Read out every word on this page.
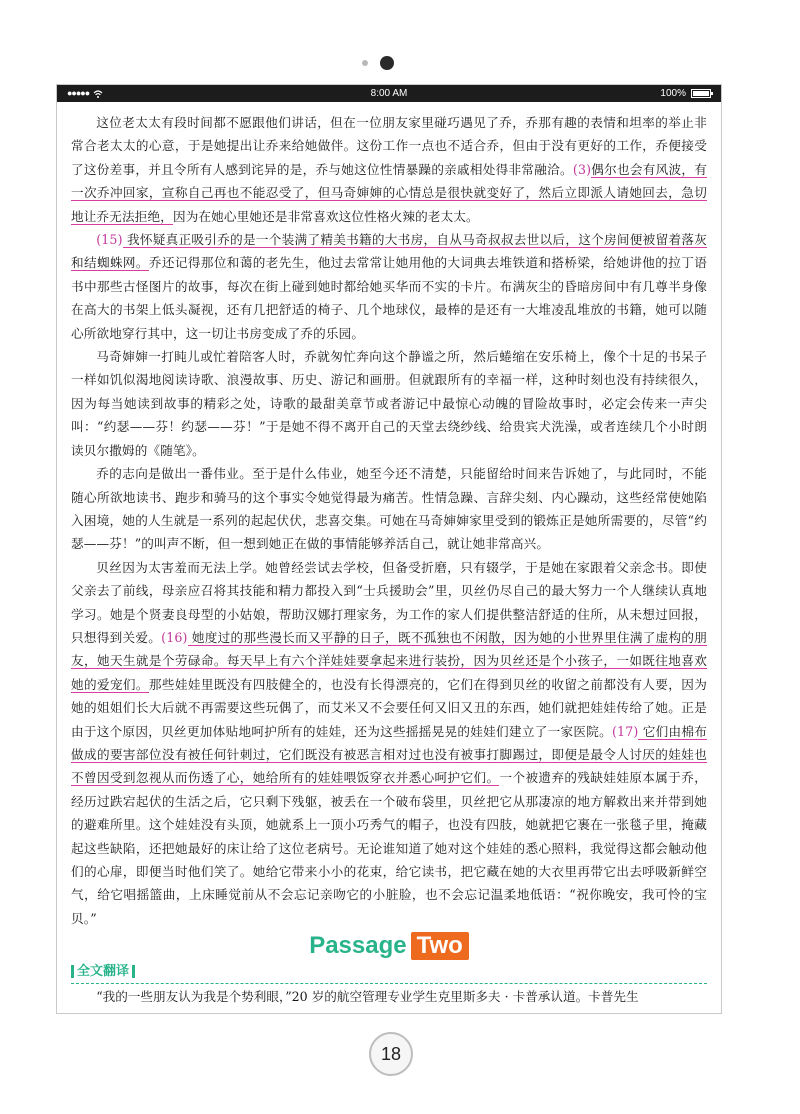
●●●●●	8:00 AM	100%

这位老太太有段时间都不愿跟他们讲话，但在一位朋友家里碰巧遇见了乔，乔那有趣的表情和坦率的举止非常合老太太的心意，于是她提出让乔来给她做伴。这份工作一点也不适合乔，但由于没有更好的工作，乔便接受了这份差事，并且令所有人感到诧异的是，乔与她这位性情暴躁的亲戚相处得非常融洽。(3)偶尔也会有风波，有一次乔冲回家，宣称自己再也不能忍受了，但马奇婶婶的心情总是很快就变好了，然后立即派人请她回去，急切地让乔无法拒绝，因为在她心里她还是非常喜欢这位性格火辣的老太太。

(15) 我怀疑真正吸引乔的是一个装满了精美书籍的大书房，自从马奇叔叔去世以后，这个房间便被留着落灰和结蜘蛛网。乔还记得那位和蔼的老先生，他过去常常让她用他的大词典去堆铁道和搭桥梁，给她讲他的拉丁语书中那些古怪图片的故事，每次在街上碰到她时都给她买华而不实的卡片。布满灰尘的昏暗房间中有几尊半身像在高大的书架上低头凝视，还有几把舒适的椅子、几个地球仪，最棒的是还有一大堆凌乱堆放的书籍，她可以随心所欲地穿行其中，这一切让书房变成了乔的乐园。

马奇婶婶一打盹儿或忙着陪客人时，乔就匆忙奔向这个静谧之所，然后蜷缩在安乐椅上，像个十足的书呆子一样如饥似渴地阅读诗歌、浪漫故事、历史、游记和画册。但就跟所有的幸福一样，这种时刻也没有持续很久，因为每当她读到故事的精彩之处，诗歌的最甜美章节或者游记中最惊心动魄的冒险故事时，必定会传来一声尖叫：“约瑟——芬！约瑟——芬！”于是她不得不离开自己的天堂去绕纱线、给贵宾犬洗澡，或者连续几个小时朗读贝尔撒姆的《随笔》。

乔的志向是做出一番伟业。至于是什么伟业，她至今还不清楚，只能留给时间来告诉她了，与此同时，不能随心所欲地读书、跑步和骑马的这个事实令她觉得最为痛苦。性情急躁、言辞尖刻、内心躁动，这些经常使她陷入困境，她的人生就是一系列的起起伏伏，悲喜交集。可她在马奇婶婶家里受到的锻炼正是她所需要的，尽管“约瑟——芬！”的叫声不断，但一想到她正在做的事情能够养活自己，就让她非常高兴。

贝丝因为太害羞而无法上学。她曾经尝试去学校，但备受折磨，只有辍学，于是她在家跟着父亲念书。即使父亲去了前线，母亲应召将其技能和精力都投入到“士兵援助会”里，贝丝仍尽自己的最大努力一个人继续认真地学习。她是个贤妻良母型的小姑娘，帮助汉娜打理家务，为工作的家人们提供整洁舒适的住所，从未想过回报，只想得到关爱。(16) 她度过的那些漫长而又平静的日子，既不孤独也不闲散，因为她的小世界里住满了虚构的朋友，她天生就是个劳碌命。每天早上有六个洋娃娃要拿起来进行装扮，因为贝丝还是个小孩子，一如既往地喜欢她的爱宠们。那些娃娃里既没有四肢健全的，也没有长得漂亮的，它们在得到贝丝的收留之前都没有人要，因为她的姐姐们长大后就不再需要这些玩偶了，而艾米又不会要任何又旧又丑的东西，她们就把娃娃传给了她。正是由于这个原因，贝丝更加体贴地呵护所有的娃娃，还为这些摇摇晃晃的娃娃们建立了一家医院。(17) 它们由棉布做成的要害部位没有被任何针刺过，它们既没有被恶言相对过也没有被事打脚踢过，即便是最令人讨厌的娃娃也不曾因受到忽视从而伤透了心，她给所有的娃娃喂饭穿衣并悉心呵护它们。一个被遗弃的残缺娃娃原本属于乔，经历过跌宕起伏的生活之后，它只剩下残躯，被丢在一个破布袋里，贝丝把它从那凄凉的地方解救出来并带到她的避难所里。这个娃娃没有头顶，她就系上一顶小巧秀气的帽子，也没有四肢，她就把它裹在一张毯子里，掩藏起这些缺陷，还把她最好的床让给了这位老病号。无论谁知道了她对这个娃娃的悉心照料，我觉得这都会触动他们的心扉，即便当时他们笑了。她给它带来小小的花束，给它读书，把它藏在她的大衣里再带它出去呼吸新鲜空气，给它唱摇篮曲，上床睡觉前从不会忘记亲吻它的小脏脸，也不会忘记温柔地低语：“祝你晚安，我可怜的宝贝。”

Passage Two
全文翻译
“我的一些朋友认为我是个势利眼，”20 岁的航空管理专业学生克里斯多夫 · 卡普承认道。卡普先生
18
